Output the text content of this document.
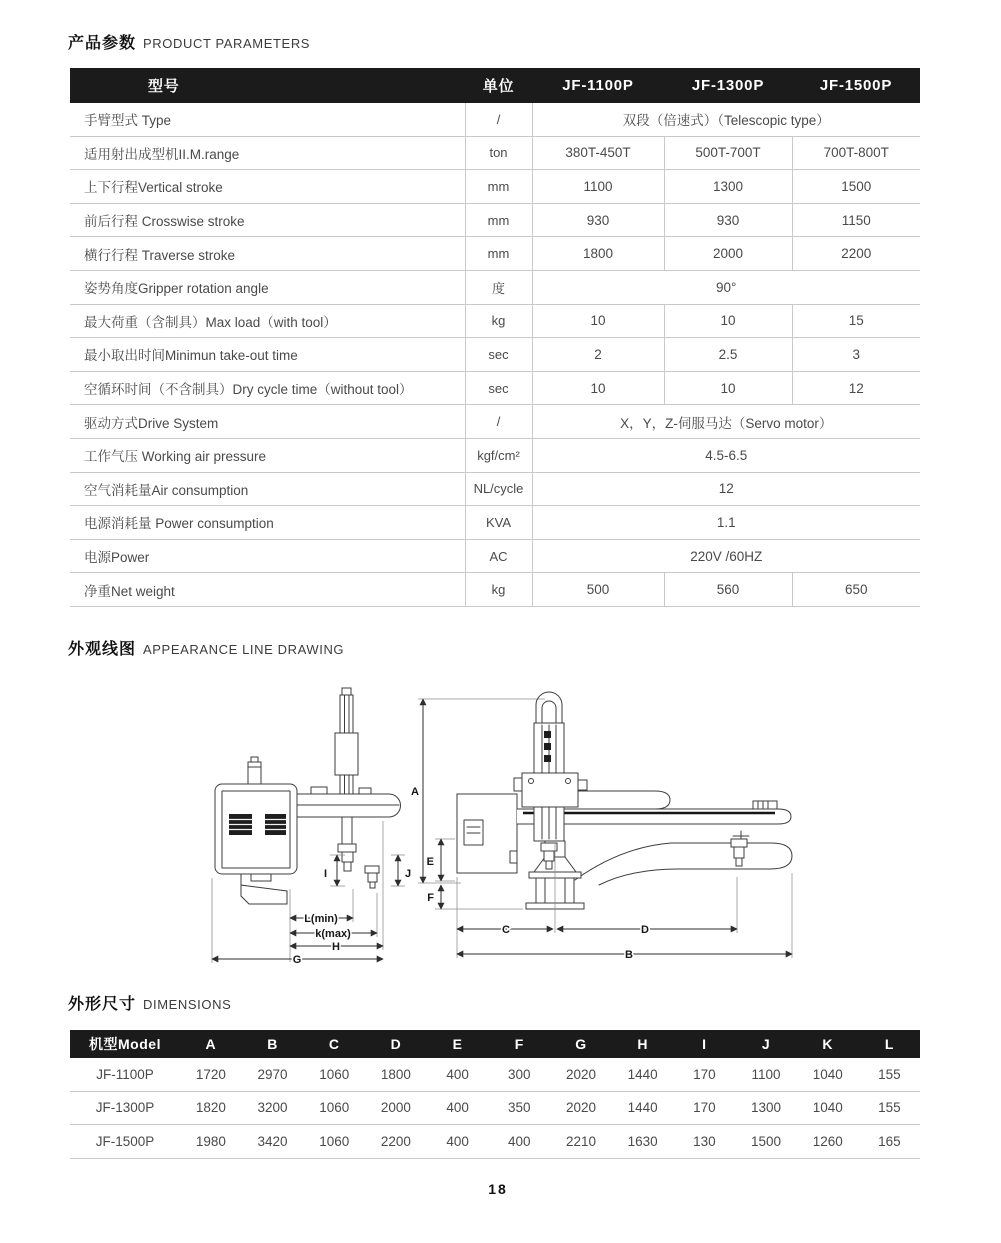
产品参数 PRODUCT PARAMETERS
型号	单位	JF-1100P	JF-1300P	JF-1500P
手臂型式 Type	/	双段（倍速式）（Telescopic type）		
适用射出成型机II.M.range	ton	380T-450T	500T-700T	700T-800T
上下行程Vertical stroke	mm	1100	1300	1500
前后行程 Crosswise stroke	mm	930	930	1150
横行行程 Traverse stroke	mm	1800	2000	2200
姿势角度Gripper rotation angle	度	90°		
最大荷重（含制具）Max load（with tool）	kg	10	10	15
最小取出时间Minimun take-out time	sec	2	2.5	3
空循环时间（不含制具）Dry cycle time（without tool）	sec	10	10	12
驱动方式Drive System	/	X，Y，Z-伺服马达（Servo motor）		
工作气压 Working air pressure	kgf/cm²	4.5-6.5		
空气消耗量Air consumption	NL/cycle	12		
电源消耗量 Power consumption	KVA	1.1		
电源Power	AC	220V /60HZ		
净重Net weight	kg	500	560	650
外观线图 APPEARANCE LINE DRAWING
I	J
L(min)
k(max)
H
G
A
E
F
C	D
B
外形尺寸 DIMENSIONS
机型Model	A	B	C	D	E	F	G	H	I	J	K	L
JF-1100P	1720	2970	1060	1800	400	300	2020	1440	170	1100	1040	155
JF-1300P	1820	3200	1060	2000	400	350	2020	1440	170	1300	1040	155
JF-1500P	1980	3420	1060	2200	400	400	2210	1630	130	1500	1260	165
18
